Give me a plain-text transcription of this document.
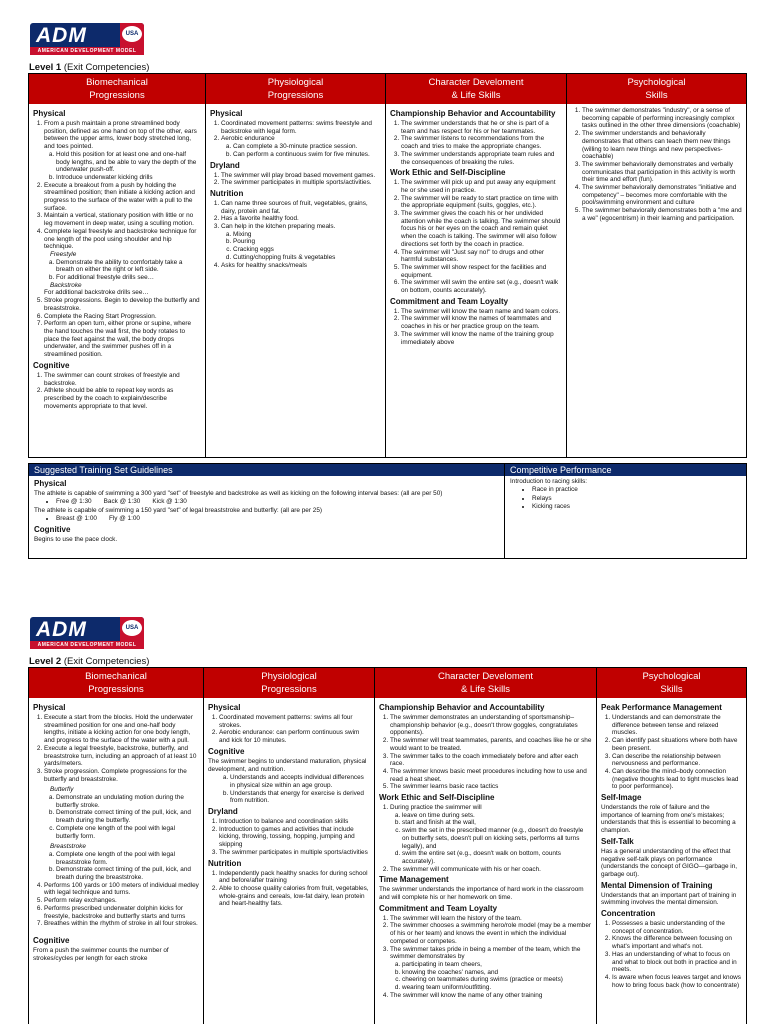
ADM	USA
AMERICAN DEVELOPMENT MODEL
Level 1 (Exit Competencies)
Biomechanical
Progressions
Physical
1. From a push maintain a prone streamlined body position, defined as one hand on top of the other, ears between the upper arms, lower body stretched long, and toes pointed.
a. Hold this position for at least one and one-half body lengths, and be able to vary the depth of the underwater push-off.
b. Introduce underwater kicking drills
2. Execute a breakout from a push by holding the streamlined position; then initiate a kicking action and progress to the surface of the water with a pull to the surface.
3. Maintain a vertical, stationary position with little or no leg movement in deep water, using a sculling motion.
4. Complete legal freestyle and backstroke technique for one length of the pool using shoulder and hip technique.
Freestyle
a. Demonstrate the ability to comfortably take a breath on either the right or left side.
b. For additional freestyle drills see…
Backstroke
For additional backstroke drills see…
5. Stroke progressions. Begin to develop the butterfly and breaststroke.
6. Complete the Racing Start Progression.
7. Perform an open turn, either prone or supine, where the hand touches the wall first, the body rotates to place the feet against the wall, the body drops underwater, and the swimmer pushes off in a streamlined position.
Cognitive
1. The swimmer can count strokes of freestyle and backstroke.
2. Athlete should be able to repeat key words as prescribed by the coach to explain/describe movements appropriate to that level.
Physiological
Progressions
Physical
1. Coordinated movement patterns: swims freestyle and backstroke with legal form.
2. Aerobic endurance
a. Can complete a 30-minute practice session.
b. Can perform a continuous swim for five minutes.
Dryland
1. The swimmer will play broad based movement games.
2. The swimmer participates in multiple sports/activities.
Nutrition
1. Can name three sources of fruit, vegetables, grains, dairy, protein and fat.
2. Has a favorite healthy food.
3. Can help in the kitchen preparing meals.
a. Mixing
b. Pouring
c. Cracking eggs
d. Cutting/chopping fruits & vegetables
4. Asks for healthy snacks/meals
Character Develoment
& Life Skills
Championship Behavior and Accountability
1. The swimmer understands that he or she is part of a team and has respect for his or her teammates.
2. The swimmer listens to recommendations from the coach and tries to make the appropriate changes.
3. The swimmer understands appropriate team rules and the consequences of breaking the rules.
Work Ethic and Self-Discipline
1. The swimmer will pick up and put away any equipment he or she used in practice.
2. The swimmer will be ready to start practice on time with the appropriate equipment (suits, goggles, etc.).
3. The swimmer gives the coach his or her undivided attention while the coach is talking. The swimmer should focus his or her eyes on the coach and remain quiet when the coach is talking. The swimmer will also follow directions set forth by the coach in practice.
4. The swimmer will "Just say no!" to drugs and other harmful substances.
5. The swimmer will show respect for the facilities and equipment.
6. The swimmer will swim the entire set (e.g., doesn't walk on bottom, counts accurately).
Commitment and Team Loyalty
1. The swimmer will know the team name and team colors.
2. The swimmer will know the names of teammates and coaches in his or her practice group on the team.
3. The swimmer will know the name of the training group immediately above
Psychological
Skills
1. The swimmer demonstrates "industry", or a sense of becoming capable of performing increasingly complex tasks outlined in the other three dimensions (coachable)
2. The swimmer understands and behaviorally demonstrates that others can teach them new things (willing to learn new things and new perspectives-coachable)
3. The swimmer behaviorally demonstrates and verbally communicates that participation in this activity is worth their time and effort (fun).
4. The swimmer behaviorally demonstrates "initiative and competency" – becomes more comfortable with the pool/swimming environment and culture
5. The swimmer behaviorally demonstrates both a "me and a we" (egocentrism) in their learning and participation.
Suggested Training Set Guidelines
Physical
The athlete is capable of swimming a 300 yard "set" of freestyle and backstroke as well as kicking on the following interval bases: (all are per 50)
• Free @ 1:30 Back @ 1:30 Kick @ 1:30
The athlete is capable of swimming a 150 yard "set" of legal breaststroke and butterfly: (all are per 25)
• Breast @ 1:00 Fly @ 1:00
Cognitive
Begins to use the pace clock.
Competitive Performance
Introduction to racing skills:
• Race in practice
• Relays
• Kicking races
ADM	USA
AMERICAN DEVELOPMENT MODEL
Level 2 (Exit Competencies)
Biomechanical
Progressions
Physical
1. Execute a start from the blocks. Hold the underwater streamlined position for one and one-half body lengths, initiate a kicking action for one body length, and progress to the surface of the water with a pull.
2. Execute a legal freestyle, backstroke, butterfly, and breaststroke turn, including an approach of at least 10 yards/meters.
3. Stroke progression. Complete progressions for the butterfly and breaststroke.
Butterfly
a. Demonstrate an undulating motion during the butterfly stroke.
b. Demonstrate correct timing of the pull, kick, and breath during the butterfly.
c. Complete one length of the pool with legal butterfly form.
Breaststroke
a. Complete one length of the pool with legal breaststroke form.
b. Demonstrate correct timing of the pull, kick, and breath during the breaststroke.
4. Performs 100 yards or 100 meters of individual medley with legal technique and turns.
5. Perform relay exchanges.
6. Performs prescribed underwater dolphin kicks for freestyle, backstroke and butterfly starts and turns
7. Breathes within the rhythm of stroke in all four strokes.
Cognitive

From a push the swimmer counts the number of strokes/cycles per length for each stroke

Physiological
Progressions
Physical
1. Coordinated movement patterns: swims all four strokes.
2. Aerobic endurance: can perform continuous swim and kick for 10 minutes.
Cognitive

The swimmer begins to understand maturation, physical development, and nutrition.

a. Understands and accepts individual differences in physical size within an age group.
b. Understands that energy for exercise is derived from nutrition.
Dryland
1. Introduction to balance and coordination skills
2. Introduction to games and activities that include kicking, throwing, tossing, hopping, jumping and skipping
3. The swimmer participates in multiple sports/activities
Nutrition
1. Independently pack healthy snacks for during school and before/after training
2. Able to choose quality calories from fruit, vegetables, whole-grains and cereals, low-fat dairy, lean protein and heart-healthy fats.
Character Develoment
& Life Skills
Championship Behavior and Accountability
1. The swimmer demonstrates an understanding of sportsmanship–championship behavior (e.g., doesn't throw goggles, congratulates opponents).
2. The swimmer will treat teammates, parents, and coaches like he or she would want to be treated.
3. The swimmer talks to the coach immediately before and after each race.
4. The swimmer knows basic meet procedures including how to use and read a heat sheet.
5. The swimmer learns basic race tactics
Work Ethic and Self-Discipline
1. During practice the swimmer will
a. leave on time during sets.
b. start and finish at the wall,
c. swim the set in the prescribed manner (e.g., doesn't do freestyle on butterfly sets, doesn't pull on kicking sets, performs all turns legally), and
d. swim the entire set (e.g., doesn't walk on bottom, counts accurately).
2. The swimmer will communicate with his or her coach.
Time Management

The swimmer understands the importance of hard work in the classroom and will complete his or her homework on time.

Commitment and Team Loyalty
1. The swimmer will learn the history of the team.
2. The swimmer chooses a swimming hero/role model (may be a member of his or her team) and knows the event in which the individual competed or competes.
3. The swimmer takes pride in being a member of the team, which the swimmer demonstrates by
a. participating in team cheers,
b. knowing the coaches' names, and
c. cheering on teammates during swims (practice or meets)
d. wearing team uniform/outfitting.
4. The swimmer will know the name of any other training
Psychological
Skills
Peak Performance Management
1. Understands and can demonstrate the difference between tense and relaxed muscles.
2. Can identify past situations where both have been present.
3. Can describe the relationship between nervousness and performance.
4. Can describe the mind–body connection (negative thoughts lead to tight muscles lead to poor performance).
Self-Image

Understands the role of failure and the importance of learning from one's mistakes; understands that this is essential to becoming a champion.

Self-Talk

Has a general understanding of the effect that negative self-talk plays on performance (understands the concept of GIGO—garbage in, garbage out).

Mental Dimension of Training

Understands that an important part of training in swimming involves the mental dimension.

Concentration
1. Possesses a basic understanding of the concept of concentration.
2. Knows the difference between focusing on what's important and what's not.
3. Has an understanding of what to focus on and what to block out both in practice and in meets.
4. Is aware when focus leaves target and knows how to bring focus back (how to concentrate)
